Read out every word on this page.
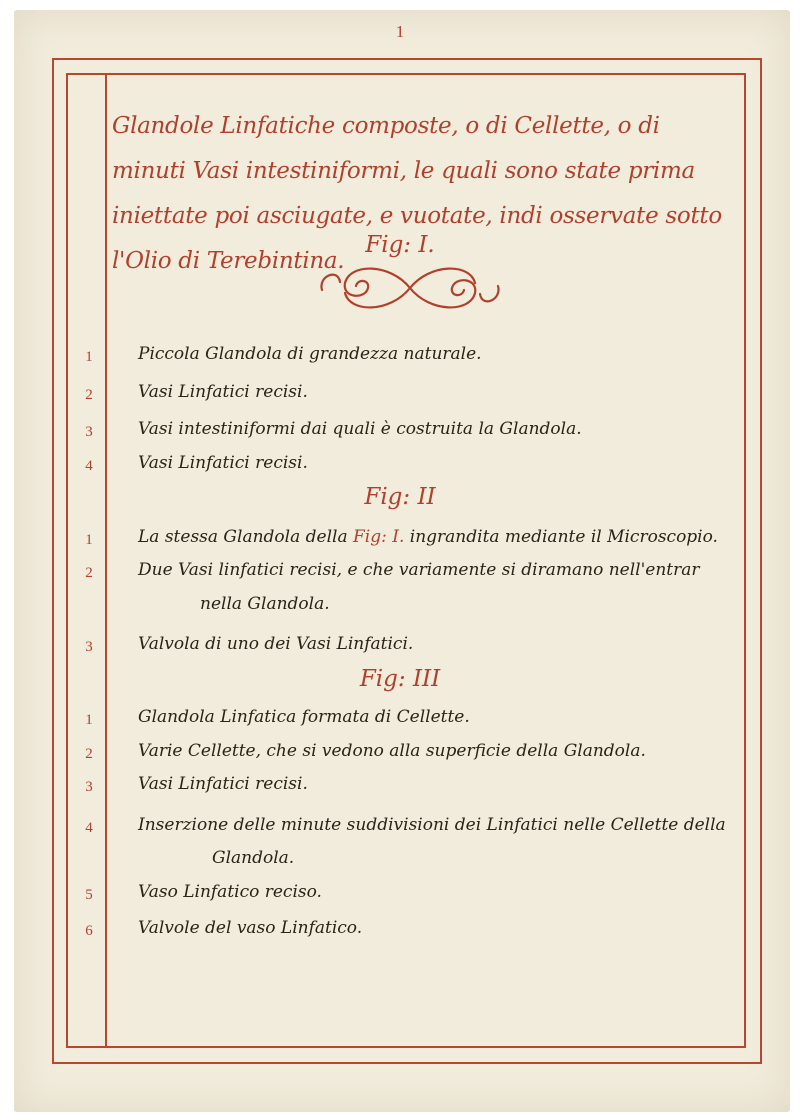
1
Glandole Linfatiche composte, o di Cellette, o di minuti Vasi intestiniformi, le quali sono state prima iniettate poi asciugate, e vuotate, indi osservate sotto l'Olio di Terebintina.
Fig: I.
1	Piccola Glandola di grandezza naturale.
2	Vasi Linfatici recisi.
3	Vasi intestiniformi dai quali è costruita la Glandola.
4	Vasi Linfatici recisi.
Fig: II
1	La stessa Glandola della Fig: I. ingrandita mediante il Microscopio.
2	Due Vasi linfatici recisi, e che variamente si diramano nell'entrar
nella Glandola.
3	Valvola di uno dei Vasi Linfatici.
Fig: III
1	Glandola Linfatica formata di Cellette.
2	Varie Cellette, che si vedono alla superficie della Glandola.
3	Vasi Linfatici recisi.
4	Inserzione delle minute suddivisioni dei Linfatici nelle Cellette della
Glandola.
5	Vaso Linfatico reciso.
6	Valvole del vaso Linfatico.
